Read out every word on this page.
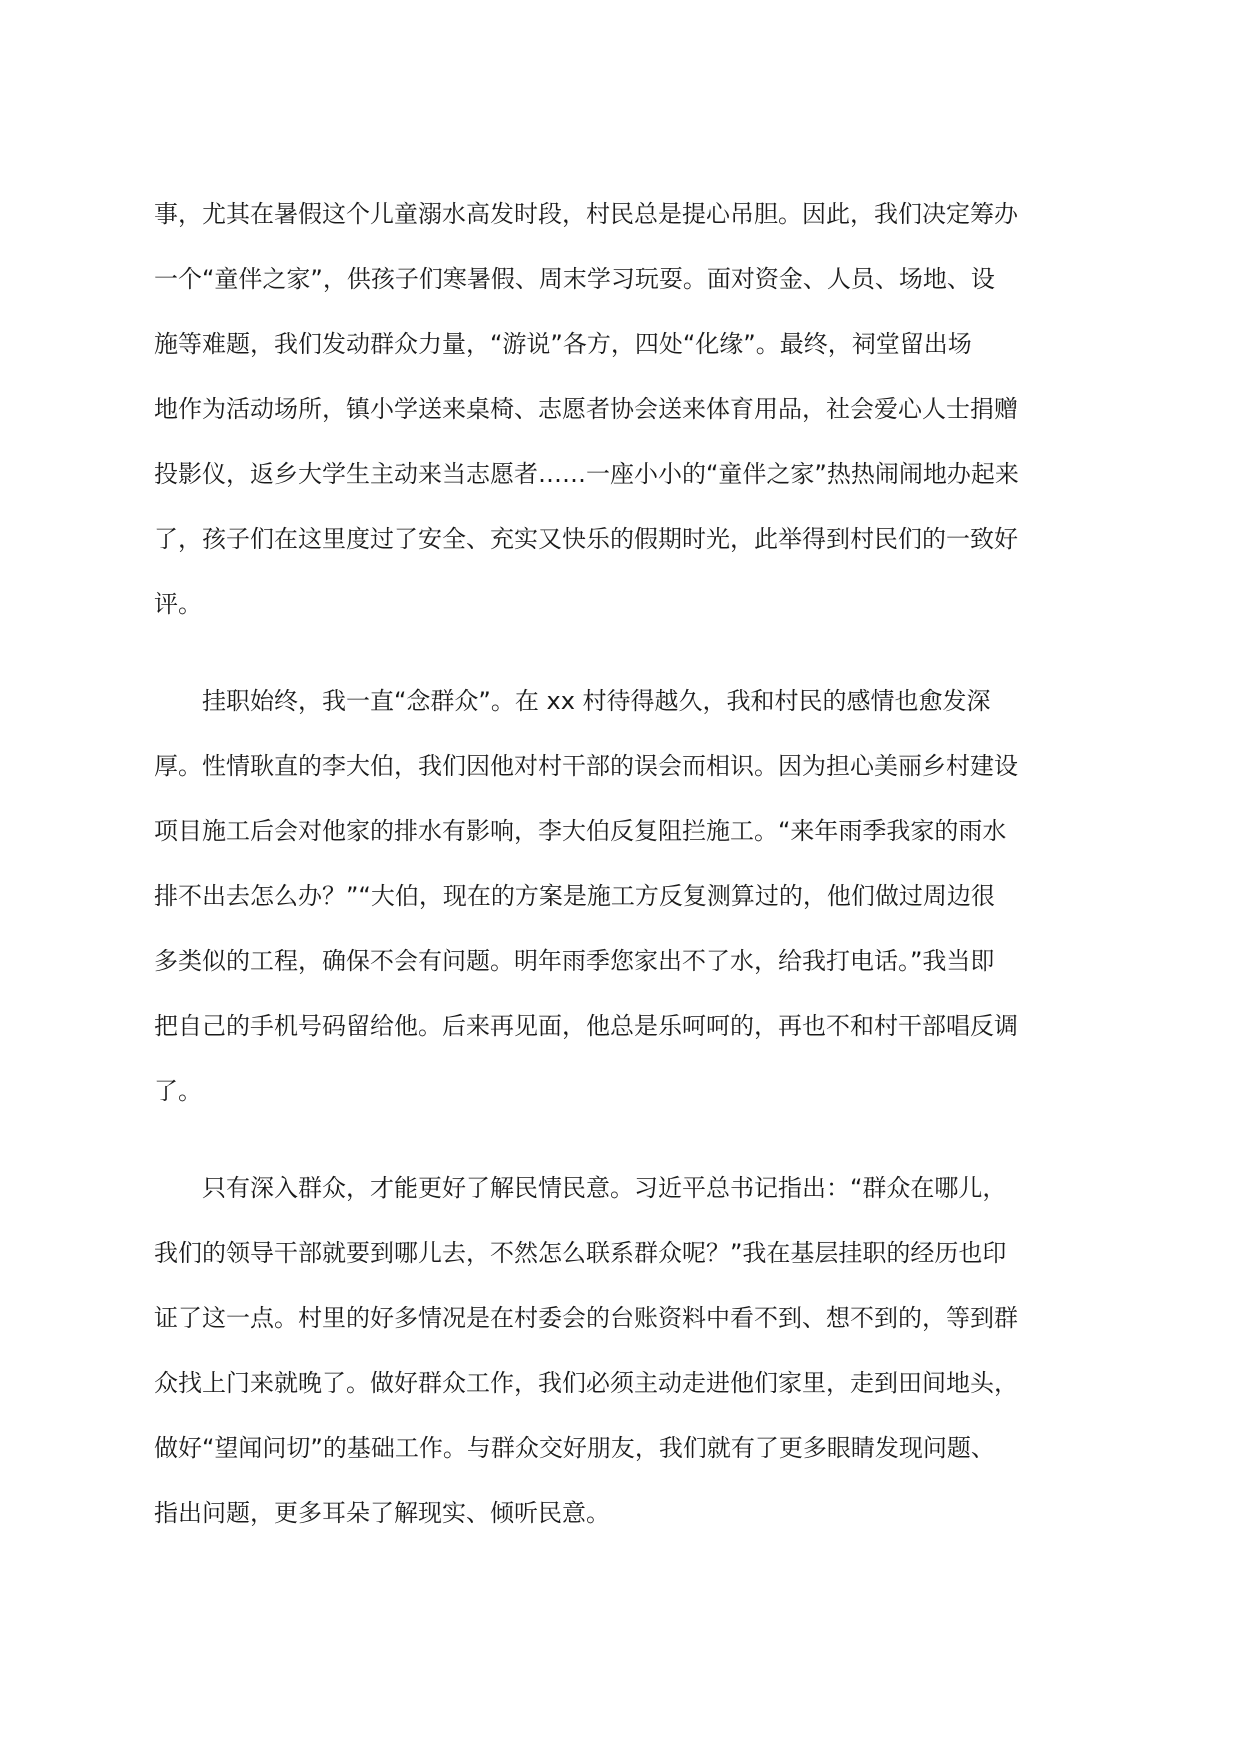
事，尤其在暑假这个儿童溺水高发时段，村民总是提心吊胆。因此，我们决定筹办
一个“童伴之家”，供孩子们寒暑假、周末学习玩耍。面对资金、人员、场地、设
施等难题，我们发动群众力量，“游说”各方，四处“化缘”。最终，祠堂留出场
地作为活动场所，镇小学送来桌椅、志愿者协会送来体育用品，社会爱心人士捐赠
投影仪，返乡大学生主动来当志愿者……一座小小的“童伴之家”热热闹闹地办起来
了，孩子们在这里度过了安全、充实又快乐的假期时光，此举得到村民们的一致好
评。
挂职始终，我一直“念群众”。在 xx 村待得越久，我和村民的感情也愈发深
厚。性情耿直的李大伯，我们因他对村干部的误会而相识。因为担心美丽乡村建设
项目施工后会对他家的排水有影响，李大伯反复阻拦施工。“来年雨季我家的雨水
排不出去怎么办？”“大伯，现在的方案是施工方反复测算过的，他们做过周边很
多类似的工程，确保不会有问题。明年雨季您家出不了水，给我打电话。”我当即
把自己的手机号码留给他。后来再见面，他总是乐呵呵的，再也不和村干部唱反调
了。
只有深入群众，才能更好了解民情民意。习近平总书记指出：“群众在哪儿，
我们的领导干部就要到哪儿去，不然怎么联系群众呢？”我在基层挂职的经历也印
证了这一点。村里的好多情况是在村委会的台账资料中看不到、想不到的，等到群
众找上门来就晚了。做好群众工作，我们必须主动走进他们家里，走到田间地头，
做好“望闻问切”的基础工作。与群众交好朋友，我们就有了更多眼睛发现问题、
指出问题，更多耳朵了解现实、倾听民意。
